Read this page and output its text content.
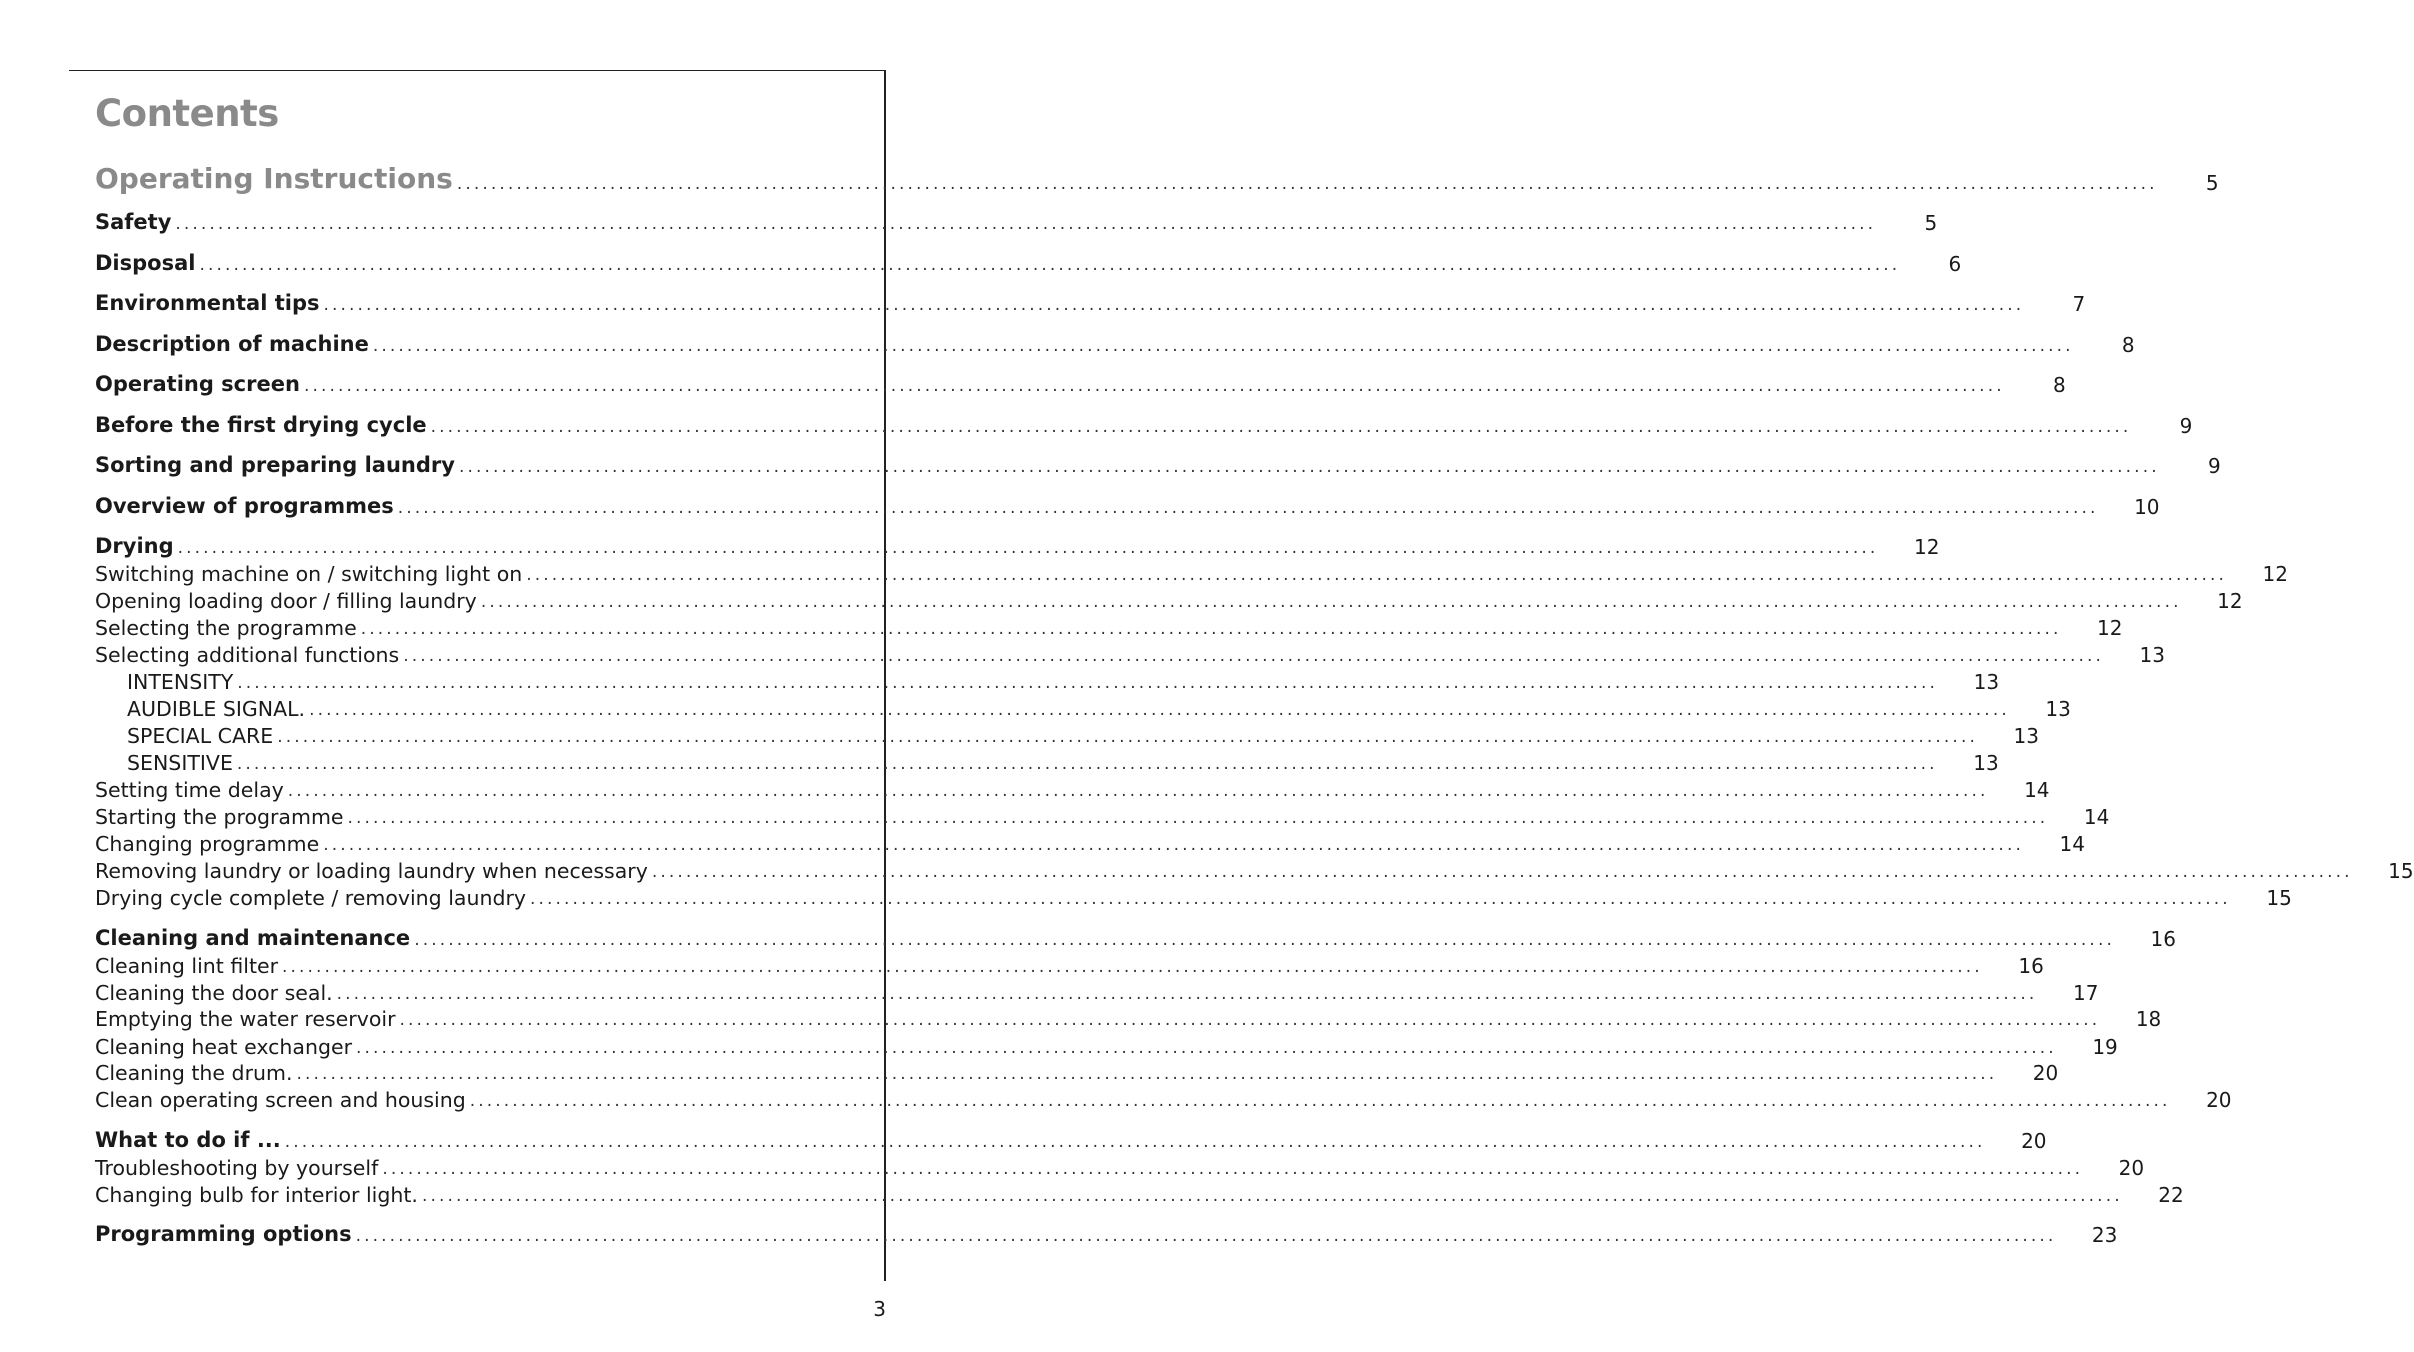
Contents
Operating Instructions ........................................................................................................................................................................................................	5
Safety ........................................................................................................................................................................................................	5
Disposal ........................................................................................................................................................................................................	6
Environmental tips ........................................................................................................................................................................................................	7
Description of machine ........................................................................................................................................................................................................	8
Operating screen ........................................................................................................................................................................................................	8
Before the first drying cycle ........................................................................................................................................................................................................	9
Sorting and preparing laundry ........................................................................................................................................................................................................	9
Overview of programmes ........................................................................................................................................................................................................ 10
Drying ........................................................................................................................................................................................................ 12
Switching machine on / switching light on ........................................................................................................................................................................................................ 12
Opening loading door / filling laundry ........................................................................................................................................................................................................ 12
Selecting the programme ........................................................................................................................................................................................................ 12
Selecting additional functions ........................................................................................................................................................................................................ 13
INTENSITY ........................................................................................................................................................................................................ 13
AUDIBLE SIGNAL. ........................................................................................................................................................................................................ 13
SPECIAL CARE ........................................................................................................................................................................................................ 13
SENSITIVE ........................................................................................................................................................................................................ 13
Setting time delay ........................................................................................................................................................................................................ 14
Starting the programme ........................................................................................................................................................................................................ 14
Changing programme ........................................................................................................................................................................................................ 14
Removing laundry or loading laundry when necessary ........................................................................................................................................................................................................ 15
Drying cycle complete / removing laundry ........................................................................................................................................................................................................ 15
Cleaning and maintenance ........................................................................................................................................................................................................ 16
Cleaning lint filter ........................................................................................................................................................................................................ 16
Cleaning the door seal. ........................................................................................................................................................................................................ 17
Emptying the water reservoir ........................................................................................................................................................................................................ 18
Cleaning heat exchanger ........................................................................................................................................................................................................ 19
Cleaning the drum. ........................................................................................................................................................................................................ 20
Clean operating screen and housing ........................................................................................................................................................................................................ 20
What to do if ... ........................................................................................................................................................................................................ 20
Troubleshooting by yourself ........................................................................................................................................................................................................ 20
Changing bulb for interior light. ........................................................................................................................................................................................................ 22
Programming options ........................................................................................................................................................................................................ 23
3
